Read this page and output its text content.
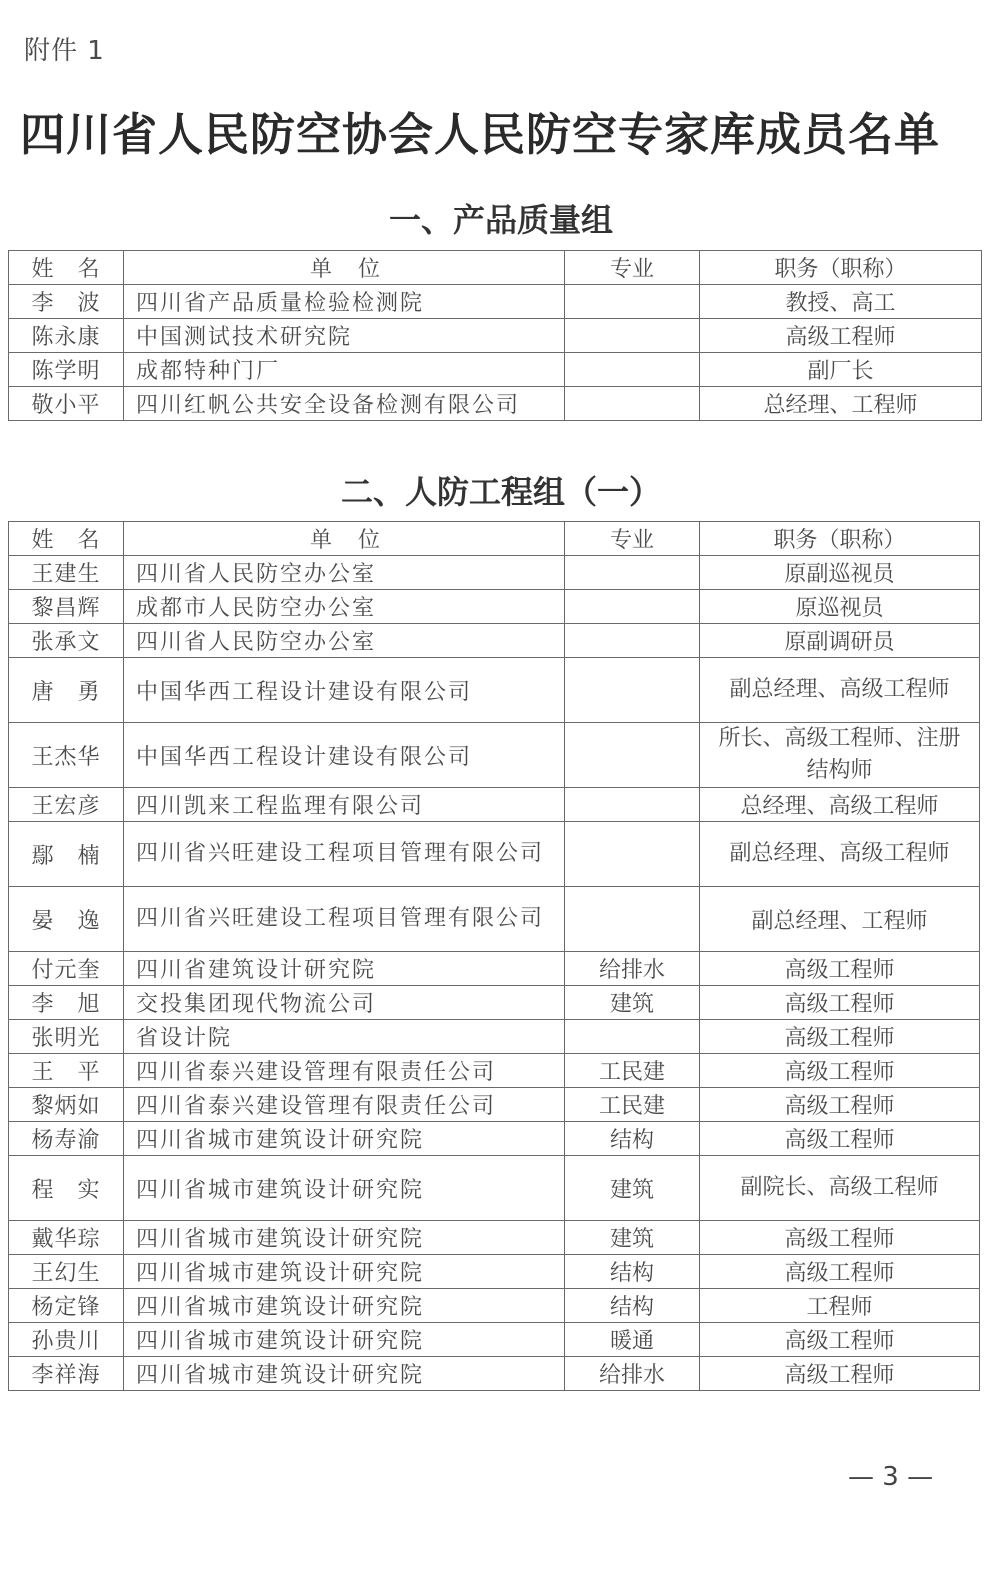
附件 1
四川省人民防空协会人民防空专家库成员名单
一、产品质量组
姓　名	单　位	专业	职务（职称）
李　波	四川省产品质量检验检测院		教授、高工
陈永康	中国测试技术研究院		高级工程师
陈学明	成都特种门厂		副厂长
敬小平	四川红帆公共安全设备检测有限公司		总经理、工程师
二、人防工程组（一）
姓　名	单　位	专业	职务（职称）
王建生	四川省人民防空办公室		原副巡视员
黎昌辉	成都市人民防空办公室		原巡视员
张承文	四川省人民防空办公室		原副调研员
唐　勇	中国华西工程设计建设有限公司		副总经理、高级工程师
王杰华	中国华西工程设计建设有限公司		所长、高级工程师、注册结构师
王宏彦	四川凯来工程监理有限公司		总经理、高级工程师
鄢　楠	四川省兴旺建设工程项目管理有限公司		副总经理、高级工程师
晏　逸	四川省兴旺建设工程项目管理有限公司		副总经理、工程师
付元奎	四川省建筑设计研究院	给排水	高级工程师
李　旭	交投集团现代物流公司	建筑	高级工程师
张明光	省设计院		高级工程师
王　平	四川省泰兴建设管理有限责任公司	工民建	高级工程师
黎炳如	四川省泰兴建设管理有限责任公司	工民建	高级工程师
杨寿渝	四川省城市建筑设计研究院	结构	高级工程师
程　实	四川省城市建筑设计研究院	建筑	副院长、高级工程师
戴华琮	四川省城市建筑设计研究院	建筑	高级工程师
王幻生	四川省城市建筑设计研究院	结构	高级工程师
杨定锋	四川省城市建筑设计研究院	结构	工程师
孙贵川	四川省城市建筑设计研究院	暖通	高级工程师
李祥海	四川省城市建筑设计研究院	给排水	高级工程师
— 3 —
